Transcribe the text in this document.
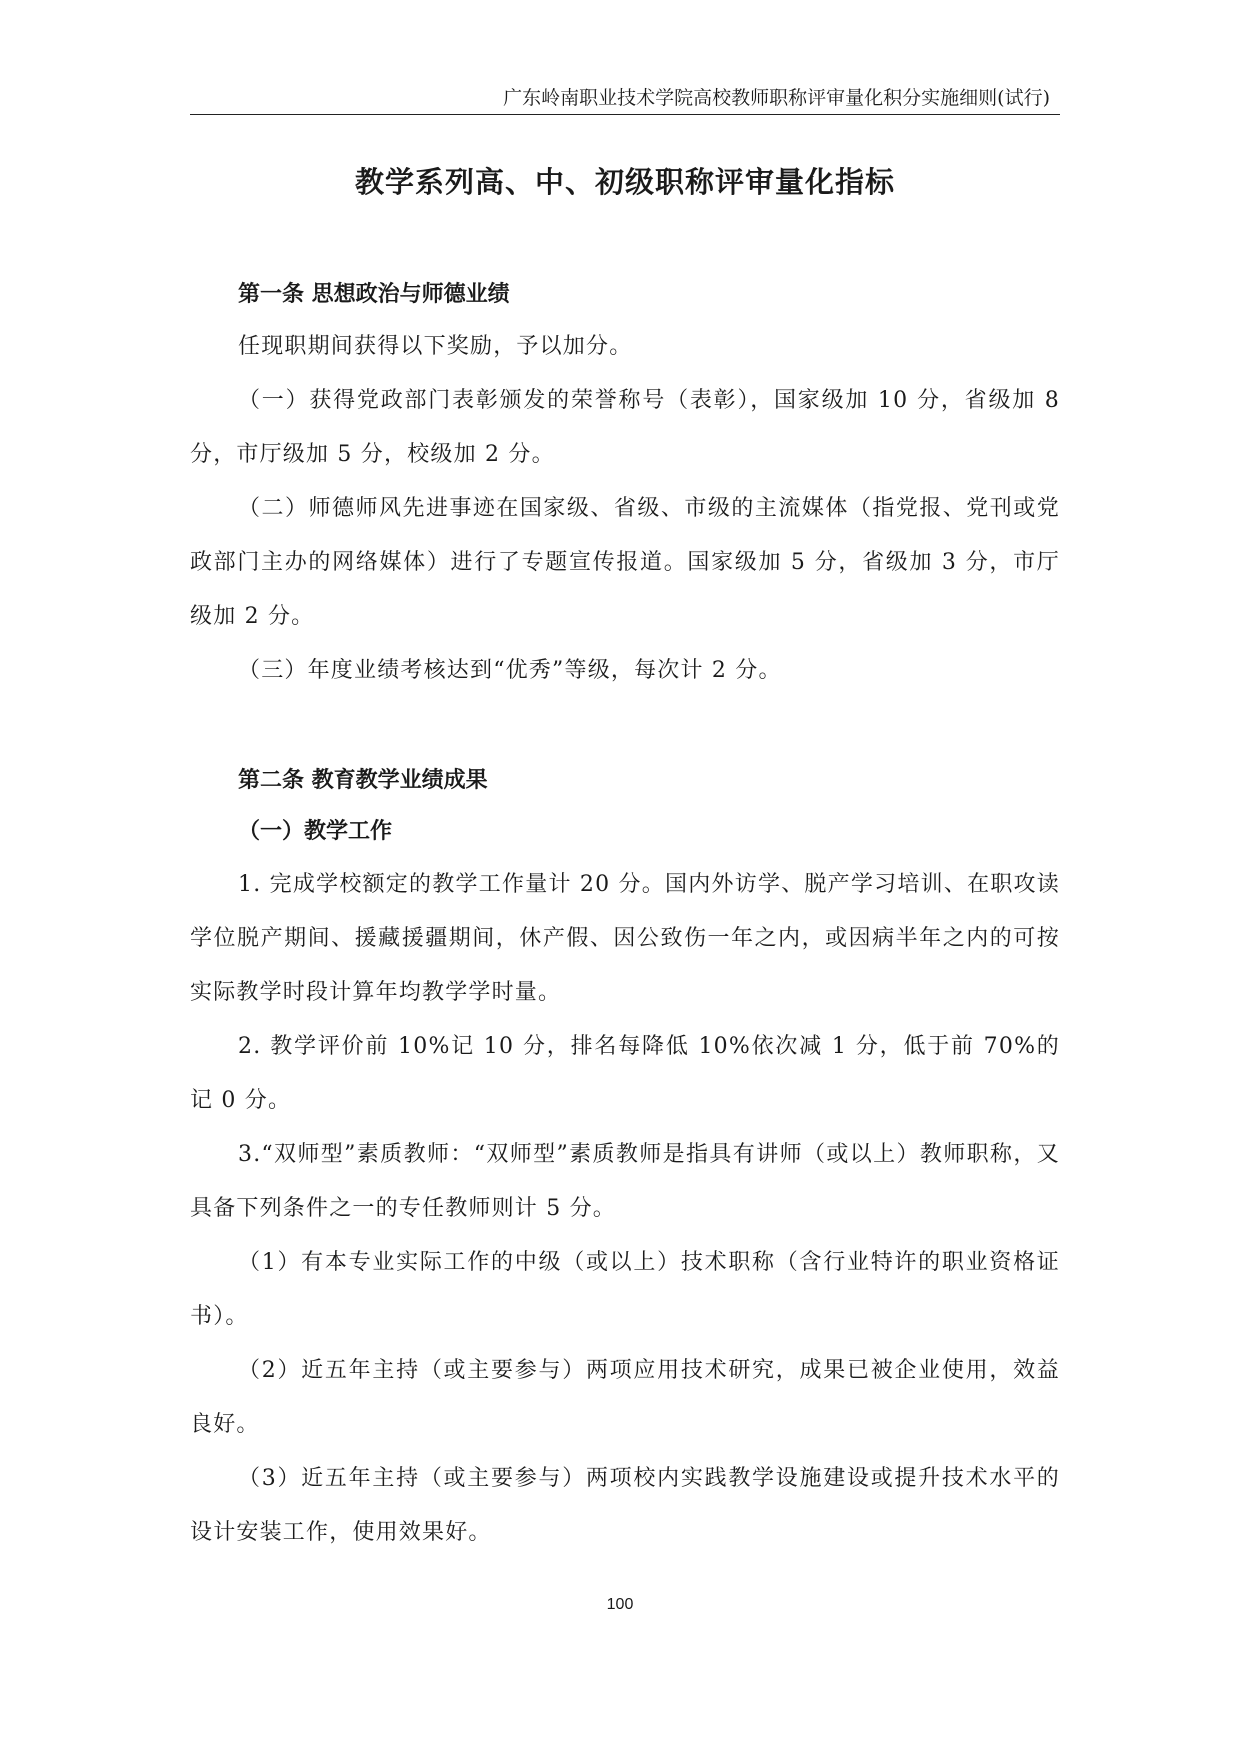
广东岭南职业技术学院高校教师职称评审量化积分实施细则(试行)
教学系列高、中、初级职称评审量化指标
第一条 思想政治与师德业绩

任现职期间获得以下奖励，予以加分。

（一）获得党政部门表彰颁发的荣誉称号（表彰），国家级加 10 分，省级加 8 分，市厅级加 5 分，校级加 2 分。

（二）师德师风先进事迹在国家级、省级、市级的主流媒体（指党报、党刊或党政部门主办的网络媒体）进行了专题宣传报道。国家级加 5 分，省级加 3 分，市厅级加 2 分。

（三）年度业绩考核达到“优秀”等级，每次计 2 分。

第二条 教育教学业绩成果
（一）教学工作

1. 完成学校额定的教学工作量计 20 分。国内外访学、脱产学习培训、在职攻读学位脱产期间、援藏援疆期间，休产假、因公致伤一年之内，或因病半年之内的可按实际教学时段计算年均教学学时量。

2. 教学评价前 10%记 10 分，排名每降低 10%依次减 1 分，低于前 70%的记 0 分。

3.“双师型”素质教师：“双师型”素质教师是指具有讲师（或以上）教师职称，又具备下列条件之一的专任教师则计 5 分。

（1）有本专业实际工作的中级（或以上）技术职称（含行业特许的职业资格证书）。

（2）近五年主持（或主要参与）两项应用技术研究，成果已被企业使用，效益良好。

（3）近五年主持（或主要参与）两项校内实践教学设施建设或提升技术水平的设计安装工作，使用效果好。

100
